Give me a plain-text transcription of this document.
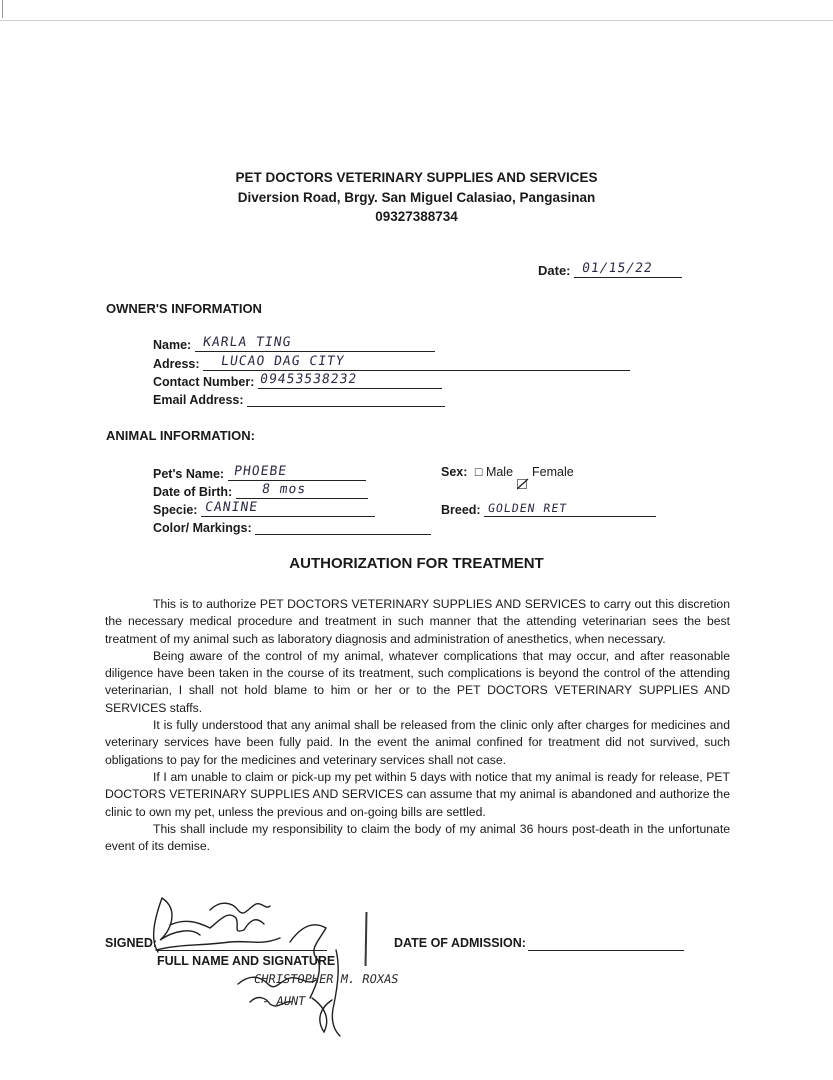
PET DOCTORS VETERINARY SUPPLIES AND SERVICES
Diversion Road, Brgy. San Miguel Calasiao, Pangasinan
09327388734
Date: 01/15/22
OWNER'S INFORMATION
Name: KARLA TING
Adress: LUCAO DAG CITY
Contact Number: 09453538232
Email Address:
ANIMAL INFORMATION:
Pet's Name: PHOEBE
Date of Birth: 8 mos
Specie: CANINE
Color/ Markings:
Sex: □ Male Female
Breed: GOLDEN RET
AUTHORIZATION FOR TREATMENT

This is to authorize PET DOCTORS VETERINARY SUPPLIES AND SERVICES to carry out this discretion the necessary medical procedure and treatment in such manner that the attending veterinarian sees the best treatment of my animal such as laboratory diagnosis and administration of anesthetics, when necessary.

Being aware of the control of my animal, whatever complications that may occur, and after reasonable diligence have been taken in the course of its treatment, such complications is beyond the control of the attending veterinarian, I shall not hold blame to him or her or to the PET DOCTORS VETERINARY SUPPLIES AND SERVICES staffs.

It is fully understood that any animal shall be released from the clinic only after charges for medicines and veterinary services have been fully paid. In the event the animal confined for treatment did not survived, such obligations to pay for the medicines and veterinary services shall not case.

If I am unable to claim or pick-up my pet within 5 days with notice that my animal is ready for release, PET DOCTORS VETERINARY SUPPLIES AND SERVICES can assume that my animal is abandoned and authorize the clinic to own my pet, unless the previous and on-going bills are settled.

This shall include my responsibility to claim the body of my animal 36 hours post-death in the unfortunate event of its demise.

SIGNED:
FULL NAME AND SIGNATURE
DATE OF ADMISSION:
CHRISTOPHER M. ROXAS
- AUNT
